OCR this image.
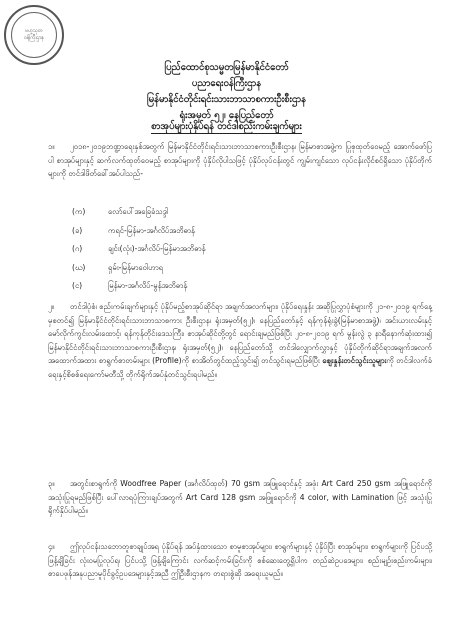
ဗဟုသုတ
ဝန်ကြီးဌာန
ပြည်ထောင်စုသမ္မတမြန်မာနိုင်ငံတော်
ပညာရေးဝန်ကြီးဌာန
မြန်မာနိုင်ငံတိုင်းရင်းသားဘာသာစကားဦးစီးဌာန
ရုံးအမှတ် ၅၂၊ နေပြည်တော်
စာအုပ်များပုံနှိပ်ရန် တင်ဒါစည်းကမ်းချက်များ
၁။ ၂၀၁၈-၂၀၁၉ဘဏ္ဍာရေးနှစ်အတွက် မြန်မာနိုင်ငံတိုင်းရင်းသားဘာသာစကားဦးစီးဌာန၊ မြန်မာစာအဖွဲ့က ပြုစုထုတ်ဝေမည့် အောက်ဖော်ပြပါ စာအုပ်များနှင့် ဆက်လက်ထုတ်ဝေမည့် စာအုပ်များကို ပုံနှိပ်လိုပါသဖြင့် ပုံနှိပ်လုပ်ငန်းတွင် ကျွမ်းကျင်သော လုပ်ငန်းလိုင်စင်ရှိသော ပုံနှိပ်တိုက်များကို တင်ဒါဖိတ်ခေါ်အပ်ပါသည်-
(က)	လော်ပေါ်အခြေခံသဒ္ဒါ
(ခ)	ကရင်-မြန်မာ-အင်္ဂလိပ်အဘိဓာန်
(ဂ)	ချင်း(လုံး)-အင်္ဂလိပ်-မြန်မာအဘိဓာန်
(ဃ)	ရှမ်း-မြန်မာဝေါဟာရ
(င)	မြန်မာ-အင်္ဂလိပ်-မွန်အဘိဓာန်
၂။ တင်ဒါပုံစံ၊ စည်းကမ်းချက်များနှင့် ပုံနှိပ်မည့်စာအုပ်ဆိုင်ရာ အချက်အလက်များ၊ ပုံနှိပ်ရေးနှုန်း အဆိုပြုလွှာပုံစံများကို ၂၁-၈-၂၀၁၉ ရက်နေ့မှစတင်၍ မြန်မာနိုင်ငံတိုင်းရင်းသားဘာသာစကား ဦးစီးဌာန၊ ရုံးအမှတ်(၅၂)၊ နေပြည်တော်နှင့် ရန်ကုန်ရုံးခွဲ(မြန်မာစာအဖွဲ့)၊ အင်းယားလမ်းနှင့် မော်လိုက်ကွင်းလမ်းထောင့်၊ ရန်ကုန်တိုင်းဒေသကြီး၊ စာအုပ်ဆိုင်တို့တွင် ရောင်းချမည်ဖြစ်ပြီး ၂၀-၈-၂၀၁၉ ရက် မွန်းလွဲ ၃ နာရီနောက်ဆုံးထား၍ မြန်မာနိုင်ငံတိုင်းရင်းသားဘာသာစကားဦးစီးဌာန၊ ရုံးအမှတ်(၅၂)၊ နေပြည်တော်သို့ တင်ဒါလျှောက်လွှာနှင့် ပုံနှိပ်တိုက်ဆိုင်ရာအချက်အလက် အထောက်အထား စာရွက်စာတမ်းများ (Profile)ကို စာအိတ်တွင်ထည့်သွင်း၍ တင်သွင်းရမည်ဖြစ်ပြီး ဈေးနှုန်းတင်သွင်းသူများကို တင်ဒါလက်ခံရေးနှင့်စိစစ်ရေးကော်မတီသို့ တိုက်ရိုက်အပ်နှံတင်သွင်းရပါမည်။
၃။ အတွင်းစာရွက်ကို Woodfree Paper (အင်္ဂလိပ်ထုတ်) 70 gsm အဖြူရောင်နှင့် အဖုံး Art Card 250 gsm အဖြူရောင်ကို အသုံးပြုရမည်ဖြစ်ပြီး ပေါ်လာရပုံကြားချပ်အတွက် Art Card 128 gsm အဖြူရောင်ကို 4 color, with Lamination ဖြင့် အသုံးပြုရိုက်နှိပ်ပါမည်။
၄။ ဤလုပ်ငန်းသဘောတူစာချုပ်အရ ပုံနှိပ်ရန် အပ်နှံထားသော စာမူစာအုပ်များ၊ စာရွက်များနှင့် ပုံနှိပ်ပြီး စာအုပ်များ၊ စာရွက်များကို ပြင်ပသို့ ဖြန့်ချိခြင်း လုံးဝမပြုလုပ်ရ၊ ပြင်ပသို့ ဖြန့်ချိကြောင်း လက်ဆင့်ကမ်းခြင်းကို စစ်ဆေးတွေ့ရှိပါက တည်ဆဲဥပဒေများ၊ စည်းမျဉ်းစည်းကမ်းများ၊ စာပေဖုန်အနုပညာမူပိုင်ခွင့်ဥပဒေများနှင့်အညီ ဤဦးစီးဌာနက တရားစွဲဆို အရေးယူမည်။
